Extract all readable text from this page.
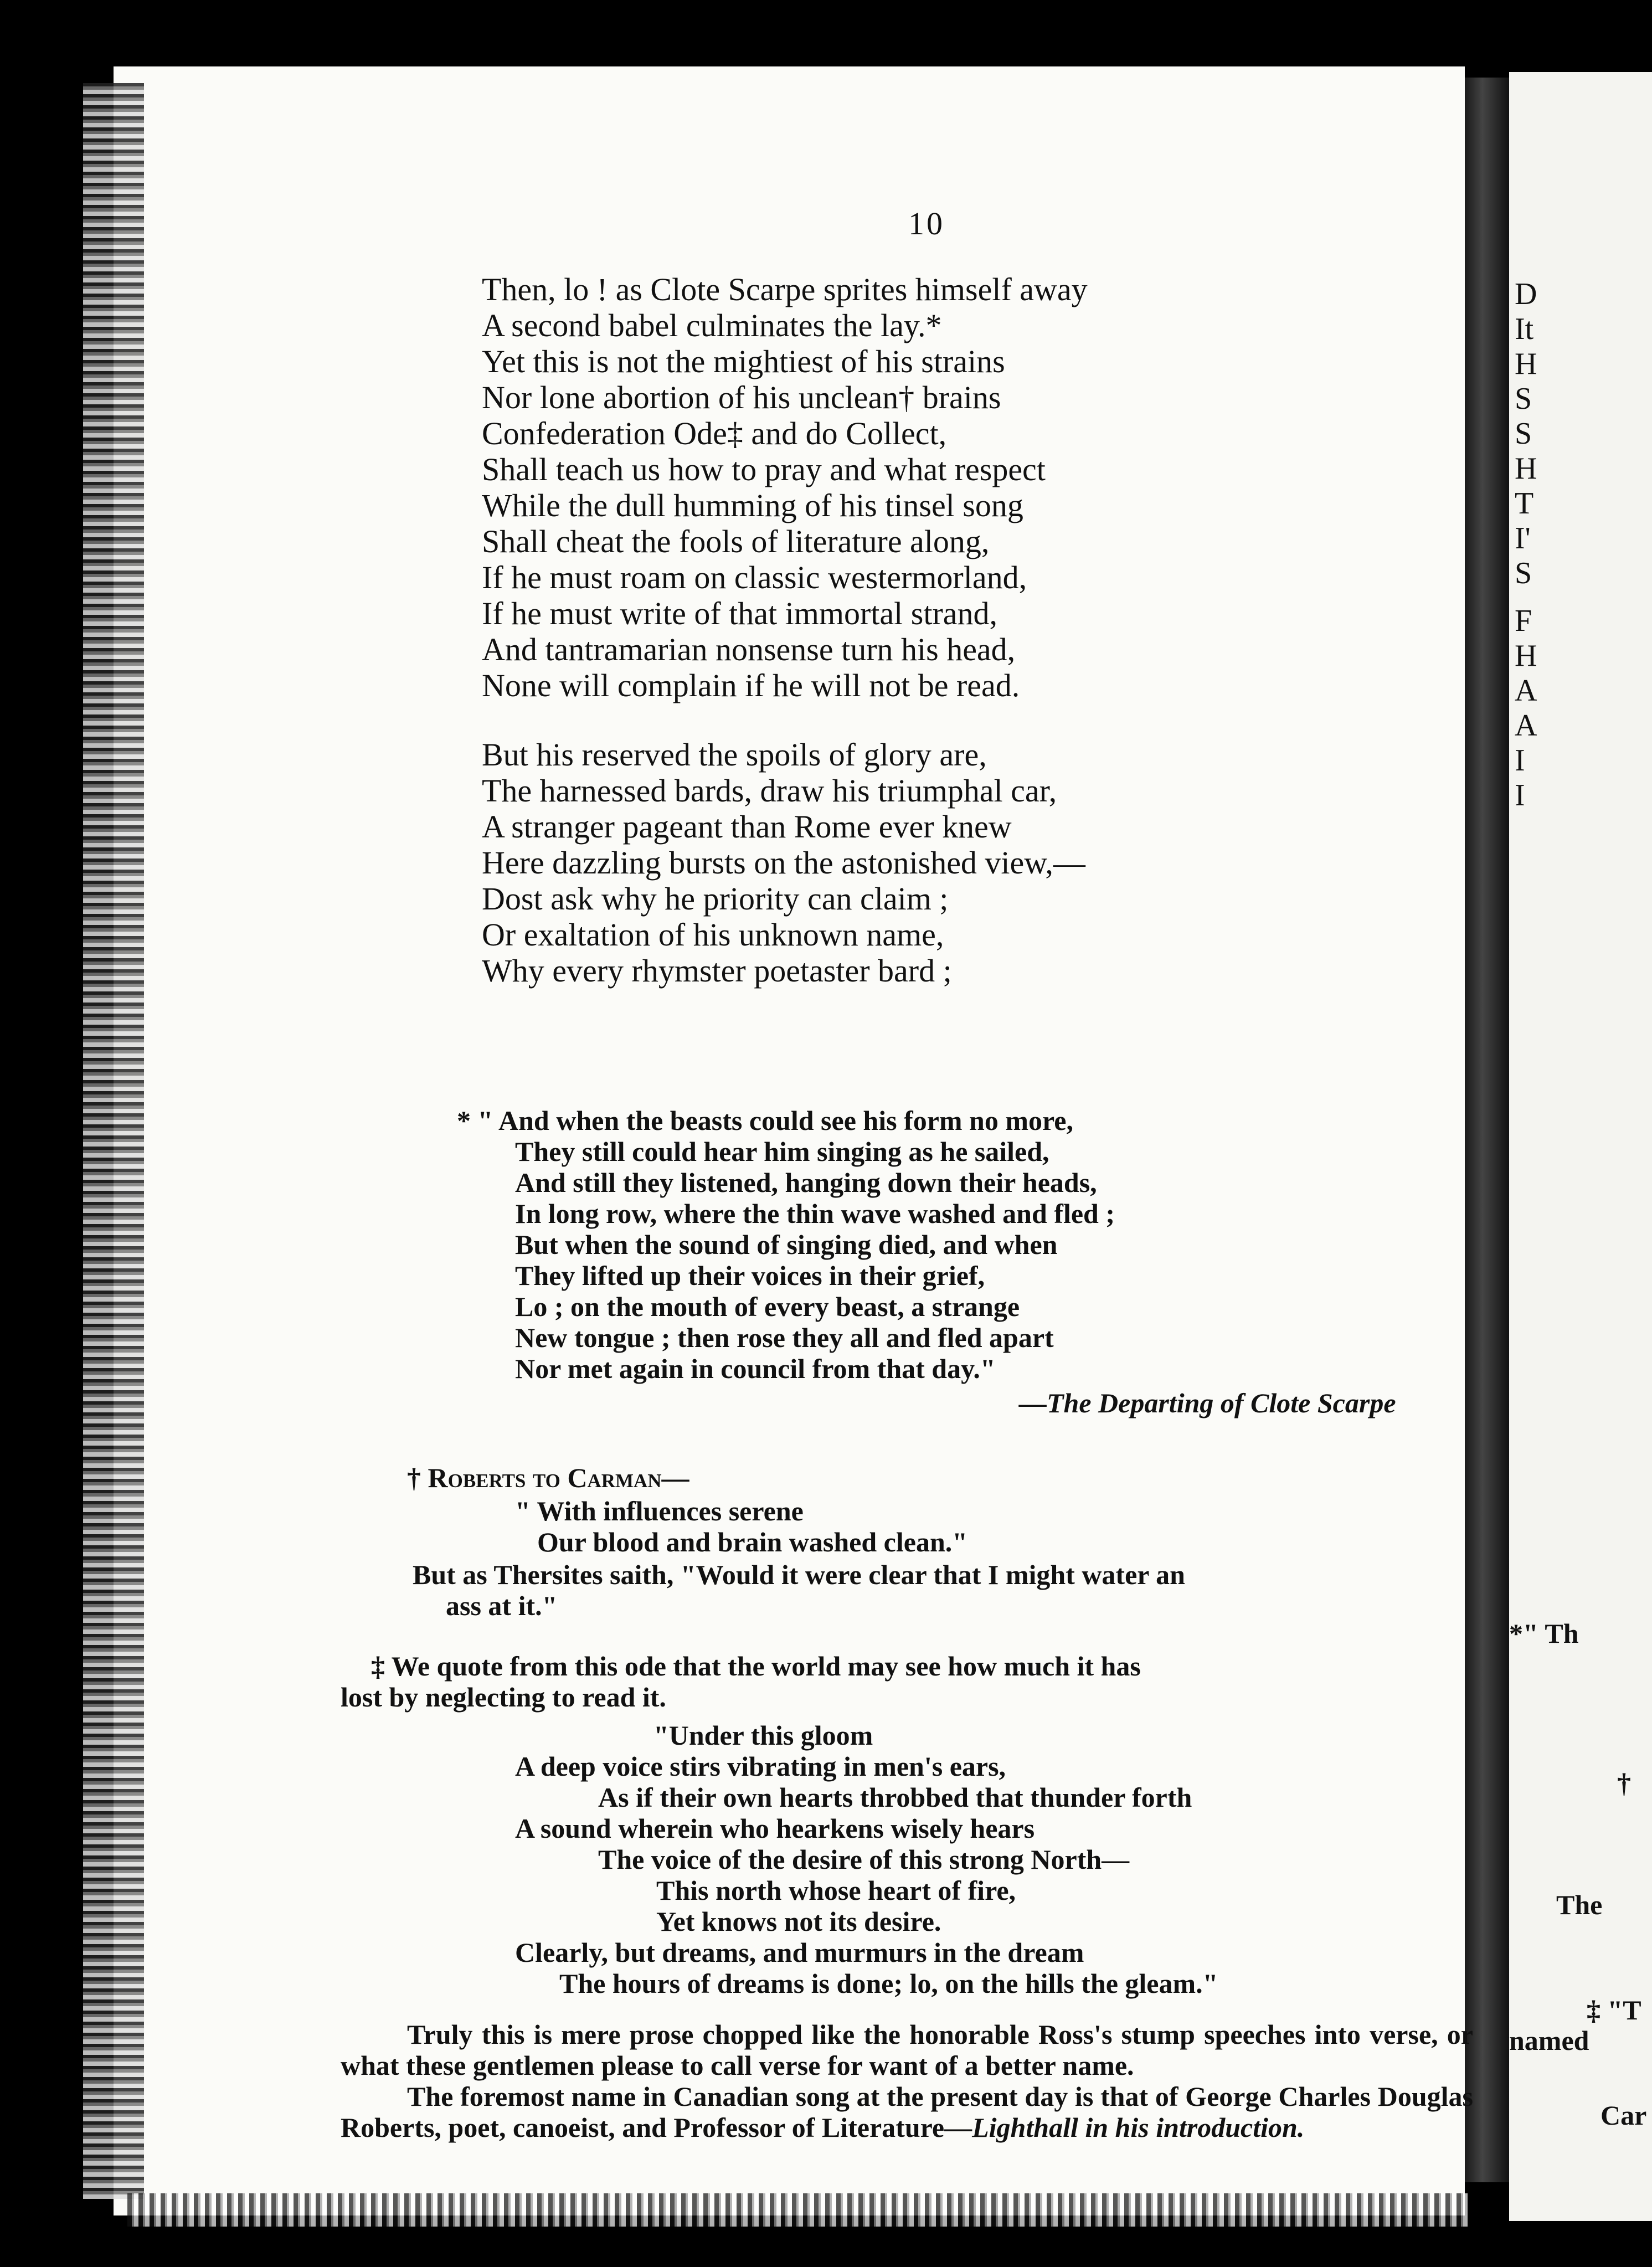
D
It
H
S
S
H
T
I'
S
F
H
A
A
I
I
*" Th
†
The
‡ "T
named
Car
10
Then, lo ! as Clote Scarpe sprites himself away
A second babel culminates the lay.*
Yet this is not the mightiest of his strains
Nor lone abortion of his unclean† brains
Confederation Ode‡ and do Collect,
Shall teach us how to pray and what respect
While the dull humming of his tinsel song
Shall cheat the fools of literature along,
If he must roam on classic westermorland,
If he must write of that immortal strand,
And tantramarian nonsense turn his head,
None will complain if he will not be read.
But his reserved the spoils of glory are,
The harnessed bards, draw his triumphal car,
A stranger pageant than Rome ever knew
Here dazzling bursts on the astonished view,—
Dost ask why he priority can claim ;
Or exaltation of his unknown name,
Why every rhymster poetaster bard ;
* " And when the beasts could see his form no more,
They still could hear him singing as he sailed,
And still they listened, hanging down their heads,
In long row, where the thin wave washed and fled ;
But when the sound of singing died, and when
They lifted up their voices in their grief,
Lo ; on the mouth of every beast, a strange
New tongue ; then rose they all and fled apart
Nor met again in council from that day."
—The Departing of Clote Scarpe
† Roberts to Carman—
" With influences serene
Our blood and brain washed clean."
But as Thersites saith, "Would it were clear that I might water an
ass at it."
‡ We quote from this ode that the world may see how much it has
lost by neglecting to read it.
"Under this gloom
A deep voice stirs vibrating in men's ears,
As if their own hearts throbbed that thunder forth
A sound wherein who hearkens wisely hears
The voice of the desire of this strong North—
This north whose heart of fire,
Yet knows not its desire.
Clearly, but dreams, and murmurs in the dream
The hours of dreams is done; lo, on the hills the gleam."

Truly this is mere prose chopped like the honorable Ross's stump speeches into verse, or what these gentlemen please to call verse for want of a better name.

The foremost name in Canadian song at the present day is that of George Charles Douglas Roberts, poet, canoeist, and Professor of Literature—Lighthall in his introduction.
